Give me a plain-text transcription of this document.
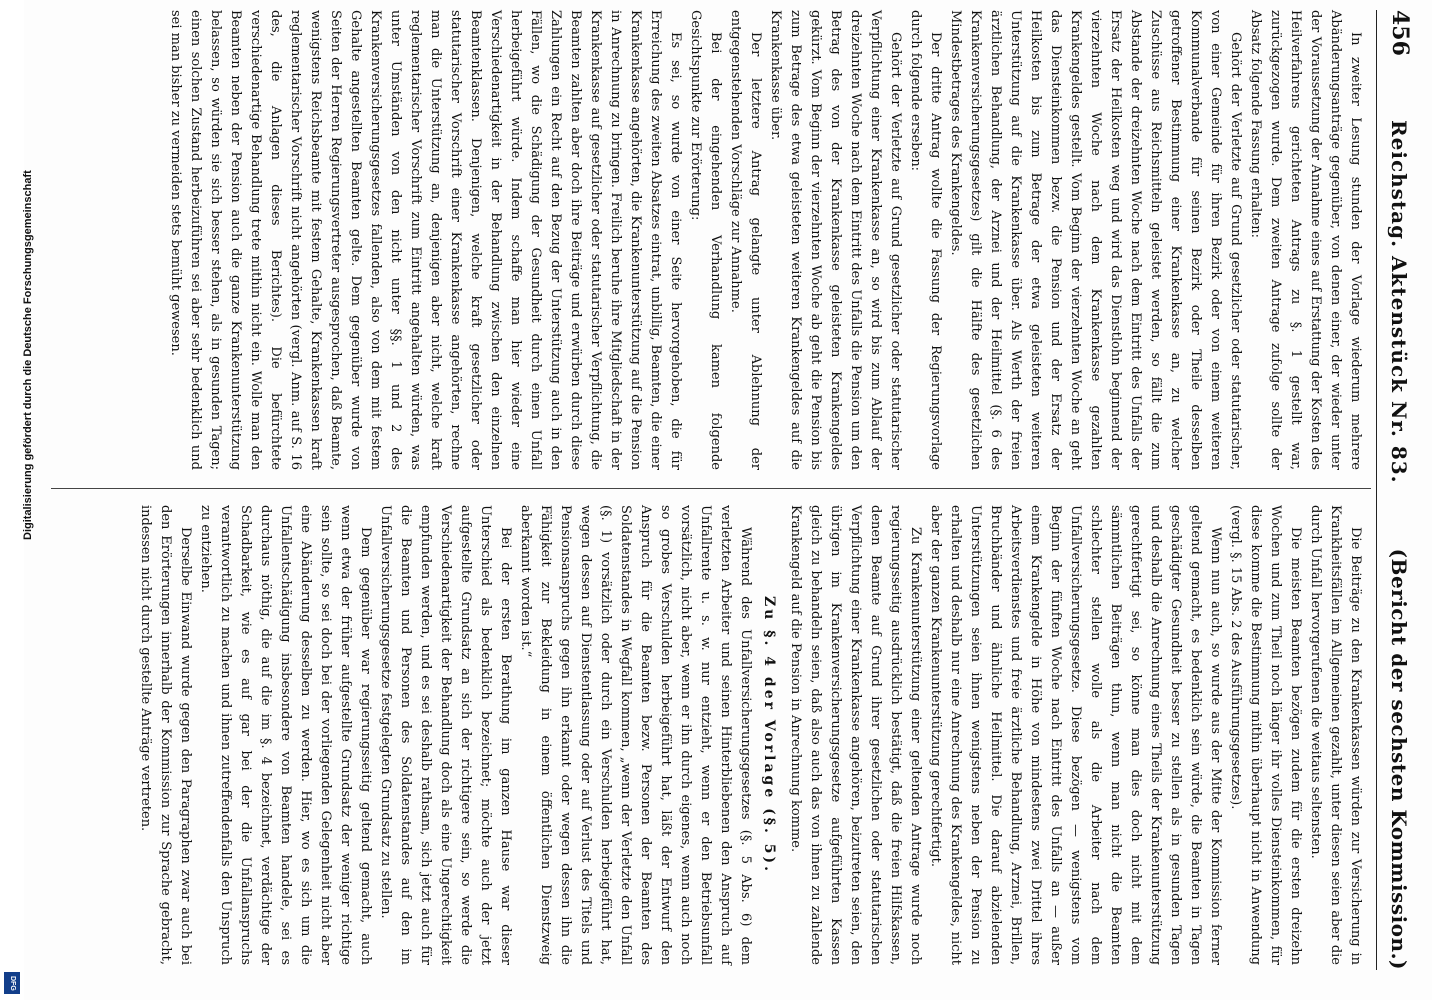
456
Reichstag. Aktenstück Nr. 83.
(Bericht der sechsten Kommission.)

In zweiter Lesung stunden der Vorlage wiederum mehrere Abänderungsanträge gegenüber, von denen einer, der wieder unter der Voraussetzung der Annahme eines auf Erstattung der Kosten des Heilverfahrens gerichteten Antrags zu §. 1 gestellt war, zurückgezogen wurde. Dem zweiten Antrage zufolge sollte der Absatz folgende Fassung erhalten:

Gehört der Verletzte auf Grund gesetzlicher oder statutarischer, von einer Gemeinde für ihren Bezirk oder von einem weiteren Kommunalverbande für seinen Bezirk oder Theile desselben getroffener Bestimmung einer Krankenkasse an, zu welcher Zuschüsse aus Reichsmitteln geleistet werden, so fällt die zum Abstande der dreizehnten Woche nach dem Eintritt des Unfalls der Ersatz der Heilkosten weg und wird das Dienstlohn beginnend der vierzehnten Woche nach dem Krankenkasse gezahlten Krankengeldes gestellt. Vom Beginn der vierzehnten Woche an geht das Diensteinkommen bezw. die Pension und der Ersatz der Heilkosten bis zum Betrage der etwa geleisteten weiteren Unterstützung auf die Krankenkasse über. Als Werth der freien ärztlichen Behandlung, der Arznei und der Heilmittel (§. 6 des Krankenversicherungsgesetzes) gilt die Hälfte des gesetzlichen Mindestbetrages des Krankengeldes.

Der dritte Antrag wollte die Fassung der Regierungsvorlage durch folgende erseben:

Gehört der Verletzte auf Grund gesetzlicher oder statutarischer Verpflichtung einer Krankenkasse an, so wird bis zum Ablauf der dreizehnten Woche nach dem Eintritt des Unfalls die Pension um den Betrag des von der Krankenkasse geleisteten Krankengeldes gekürzt. Vom Beginn der vierzehnten Woche ab geht die Pension bis zum Betrage des etwa geleisteten weiteren Krankengeldes auf die Krankenkasse über.

Der letztere Antrag gelangte unter Ablehnung der entgegenstehenden Vorschläge zur Annahme.

Bei der eingehenden Verhandlung kamen folgende Gesichtspunkte zur Erörterung:

Es sei, so wurde von einer Seite hervorgehoben, die für Erreichung des zweiten Absatzes eintrat, unbillig, Beamten, die einer Krankenkasse angehörten, die Krankenunterstützung auf die Pension in Anrechnung zu bringen. Freilich beruhe ihre Mitgliedschaft in der Krankenkasse auf gesetzlicher oder statutarischer Verpflichtung, die Beamten zahlten aber doch ihre Beiträge und erwürben durch diese Zahlungen ein Recht auf den Bezug der Unterstützung auch in den Fällen, wo die Schädigung der Gesundheit durch einen Unfall herbeigeführt würde. Indem schaffe man hier wieder eine Verschiedenartigkeit in der Behandlung zwischen den einzelnen Beamtenklassen. Denjenigen, welche kraft gesetzlicher oder statutarischer Vorschrift einer Krankenkasse angehörten, rechne man die Unterstützung an, denjenigen aber nicht, welche kraft reglementarischer Vorschrift zum Eintritt angehalten würden, was unter Umständen von den nicht unter §§. 1 und 2 des Krankenversicherungsgesetzes fallenden, also von dem mit festem Gehalte angestellten Beamten gelte. Dem gegenüber wurde von Seiten der Herren Regierungsvertreter ausgesprochen, daß Beamte, wenigstens Reichsbeamte mit festem Gehalte, Krankenkassen kraft reglementarischer Vorschrift nicht angehörten (vergl. Anm. auf S. 16 des, die Anlagen dieses Berichtes). Die befürchtete verschiedenartige Behandlung trete mithin nicht ein. Wolle man den Beamten neben der Pension auch die ganze Krankenunterstützung belassen, so würden sie sich besser stehen, als in gesunden Tagen; einen solchen Zustand herbeizuführen sei aber sehr bedenklich und sei man bisher zu vermeiden stets bemüht gewesen.

Die Beiträge zu den Krankenkassen würden zur Versicherung in Krankheitsfällen im Allgemeinen gezahlt, unter diesen seien aber die durch Unfall hervorgerufenen die weitaus seltensten.

Die meisten Beamten bezögen zudem für die ersten dreizehn Wochen und zum Theil noch länger ihr volles Diensteinkommen, für diese komme die Bestimmung mithin überhaupt nicht in Anwendung (vergl. §. 15 Abs. 2 des Ausführungsgesetzes).

Wenn nun auch, so wurde aus der Mitte der Kommission ferner geltend gemacht, es bedenklich sein würde, die Beamten in Tagen geschädigter Gesundheit besser zu stellen als in gesunden Tagen und deshalb die Anrechnung eines Theils der Krankenunterstützung gerechtfertigt sei, so könne man dies doch nicht mit dem sämmtlichen Beiträgen thun, wenn man nicht die Beamten schlechter stellen wolle als die Arbeiter nach dem Unfallversicherungsgesetze. Diese bezögen — wenigstens vom Beginn der fünften Woche nach Eintritt des Unfalls an — außer einem Krankengelde in Höhe von mindestens zwei Drittel ihres Arbeitsverdienstes und freie ärztliche Behandlung, Arznei, Brillen, Bruchbänder und ähnliche Heilmittel. Die darauf abzielenden Unterstützungen seien ihnen wenigstens neben der Pension zu erhalten und deshalb nur eine Anrechnung des Krankengeldes, nicht aber der ganzen Krankenunterstützung gerechtfertigt.

Zu Krankenunterstützung einer geltenden Antrage wurde noch regierungsseitig ausdrücklich bestätigt, daß die freien Hilfskassen, denen Beamte auf Grund ihrer gesetzlichen oder statutarischen Verpflichtung einer Krankenkasse angehören, beizutreten seien, den übrigen im Krankenversicherungsgesetze aufgeführten Kassen gleich zu behandeln seien, daß also auch das von ihnen zu zahlende Krankengeld auf die Pension in Anrechnung komme.

Zu §. 4 der Vorlage (§. 5).

Während des Unfallversicherungsgesetzes (§. 5 Abs. 6) dem verletzten Arbeiter und seinen Hinterbliebenen den Anspruch auf Unfallrente u. s. w. nur entzieht, wenn er den Betriebsunfall vorsätzlich, nicht aber, wenn er ihn durch eigenes, wenn auch noch so grobes Verschulden herbeigeführt hat, läßt der Entwurf den Anspruch für die Beamten bezw. Personen der Beamten des Soldatenstandes in Wegfall kommen, „wenn der Verletzte den Unfall (§. 1) vorsätzlich oder durch ein Verschulden herbeigeführt hat, wegen dessen auf Dienstentlassung oder auf Verlust des Titels und Pensionsanspruchs gegen ihn erkannt oder wegen dessen ihn die Fähigkeit zur Bekleidung in einem öffentlichen Dienstzweig aberkannt worden ist.“

Bei der ersten Berathung im ganzen Hause war dieser Unterschied als bedenklich bezeichnet; möchte auch der jetzt aufgestellte Grundsatz an sich der richtigere sein, so werde die Verschiedenartigkeit der Behandlung doch als eine Ungerechtigkeit empfunden werden, und es sei deshalb rathsam, sich jetzt auch für die Beamten und Personen des Soldatenstandes auf den im Unfallversicherungsgesetze festgelegten Grundsatz zu stellen.

Dem gegenüber war regierungsseitig geltend gemacht, auch wenn etwa der früher aufgestellte Grundsatz der weniger richtige sein sollte, so sei doch bei der vorliegenden Gelegenheit nicht aber eine Abänderung desselben zu werden. Hier, wo es sich um die Unfallentschädigung insbesondere von Beamten handele, sei es durchaus nöthig, die auf die im §. 4 bezeichnet, verdächtige der Schadbarkeit, wie es auf gar bei der die Unfallanspruchs verantwortlich zu machen und ihnen zutreffendenfalls den Unspruch zu entziehen.

Derselbe Einwand wurde gegen den Paragraphen zwar auch bei den Erörterungen innerhalb der Kommission zur Sprache gebracht, indessen nicht durch gestellte Anträge vertreten.

Digitalisierung gefördert durch die Deutsche Forschungsgemeinschaft
DFG
